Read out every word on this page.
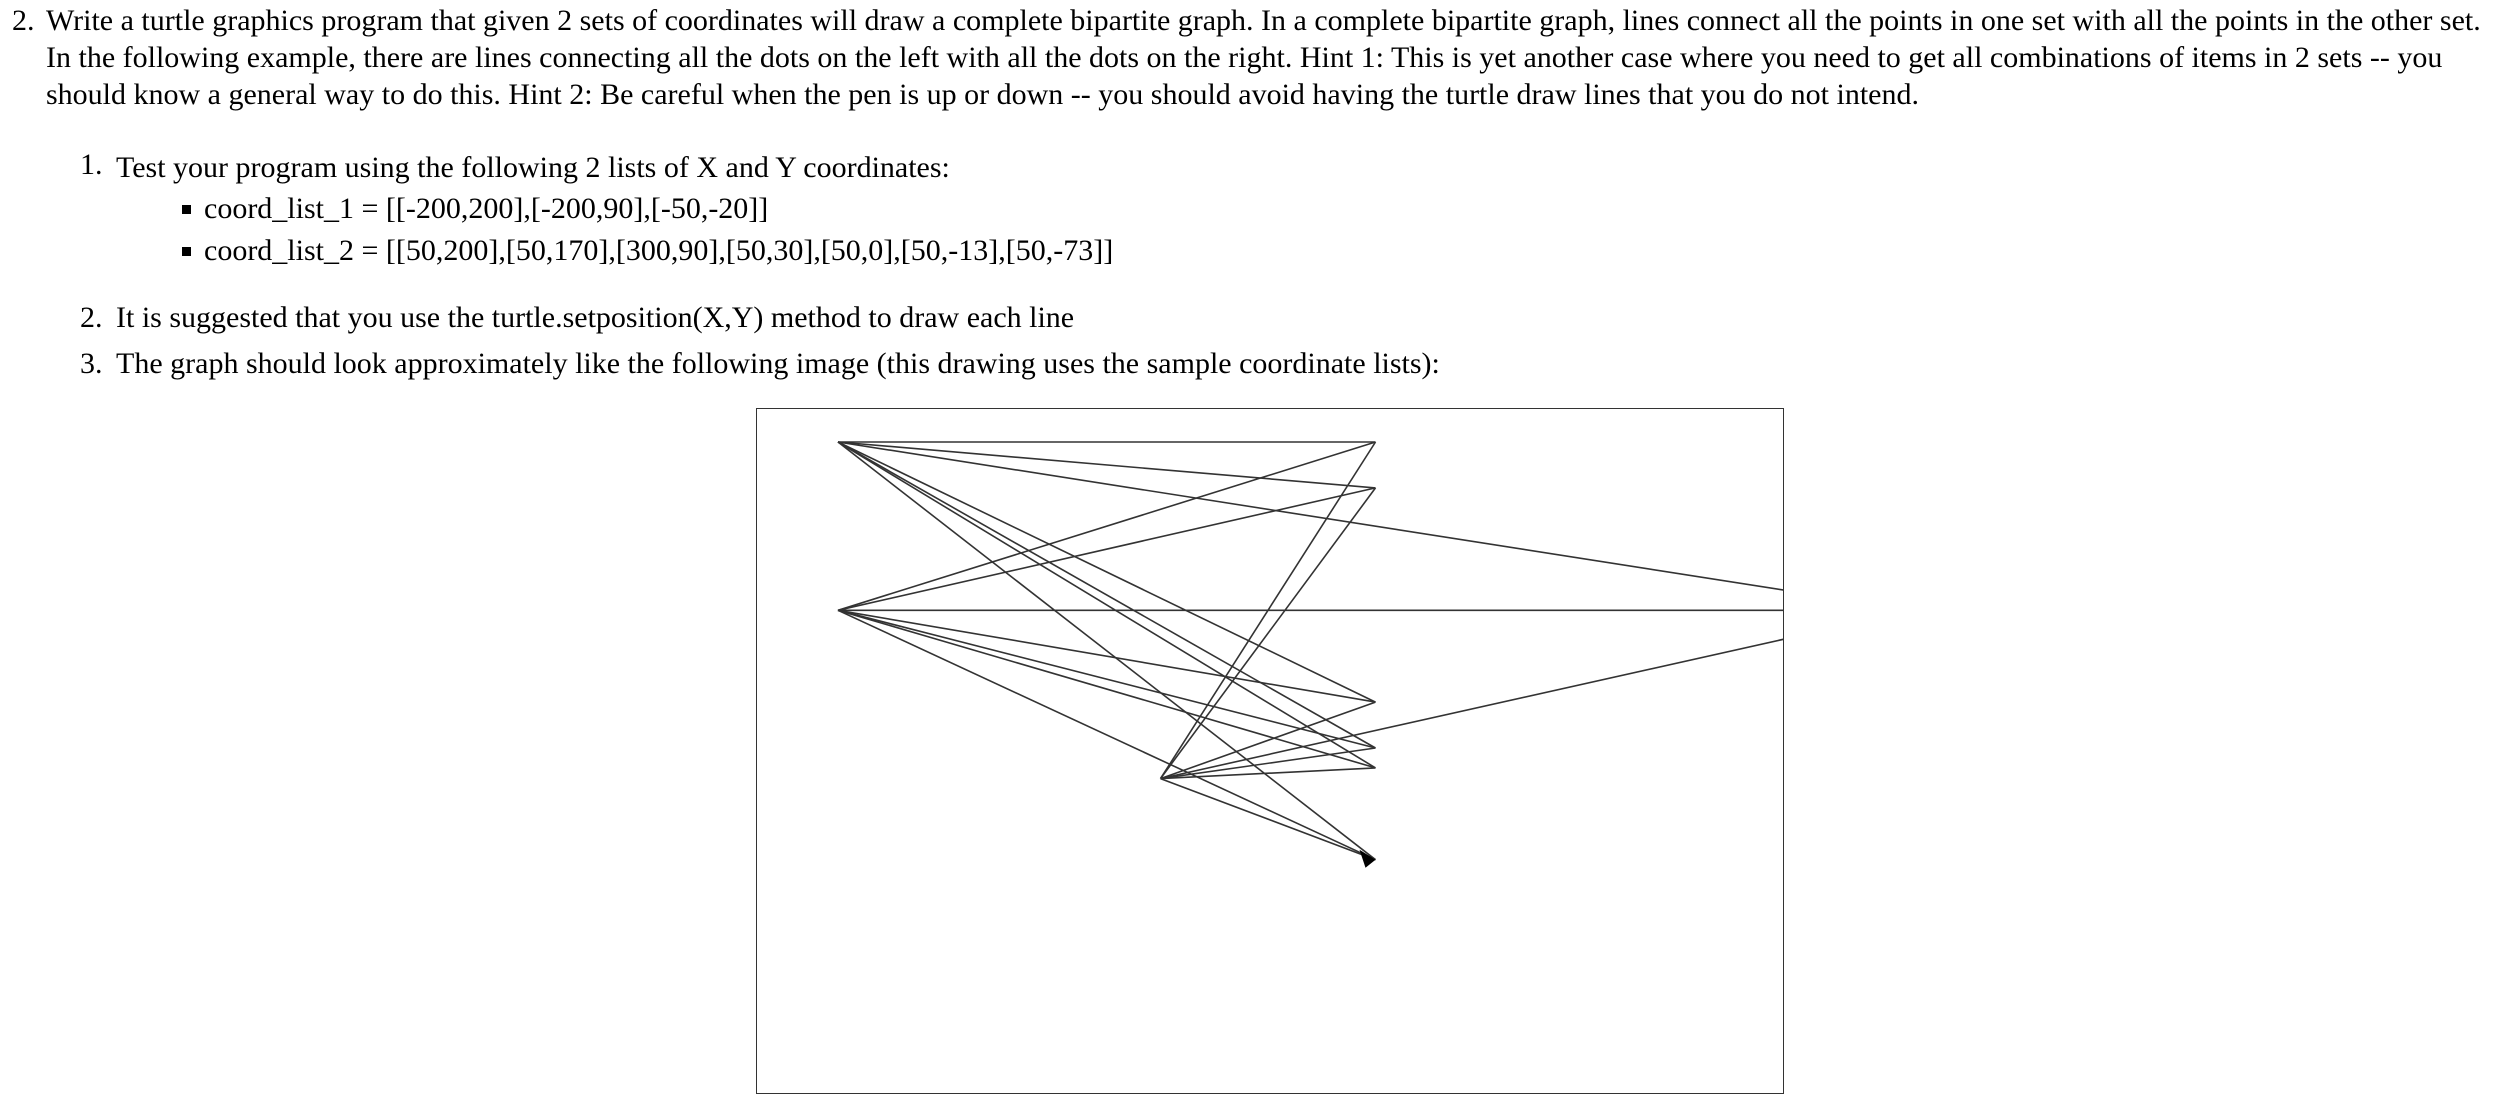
2. Write a turtle graphics program that given 2 sets of coordinates will draw a complete bipartite graph. In a complete bipartite graph, lines connect all the points in one set with all the points in the other set. In the following example, there are lines connecting all the dots on the left with all the dots on the right. Hint 1: This is yet another case where you need to get all combinations of items in 2 sets -- you should know a general way to do this. Hint 2: Be careful when the pen is up or down -- you should avoid having the turtle draw lines that you do not intend.
1. Test your program using the following 2 lists of X and Y coordinates:
coord_list_1 = [[-200,200],[-200,90],[-50,-20]]
coord_list_2 = [[50,200],[50,170],[300,90],[50,30],[50,0],[50,-13],[50,-73]]
2. It is suggested that you use the turtle.setposition(X,Y) method to draw each line
3. The graph should look approximately like the following image (this drawing uses the sample coordinate lists):
